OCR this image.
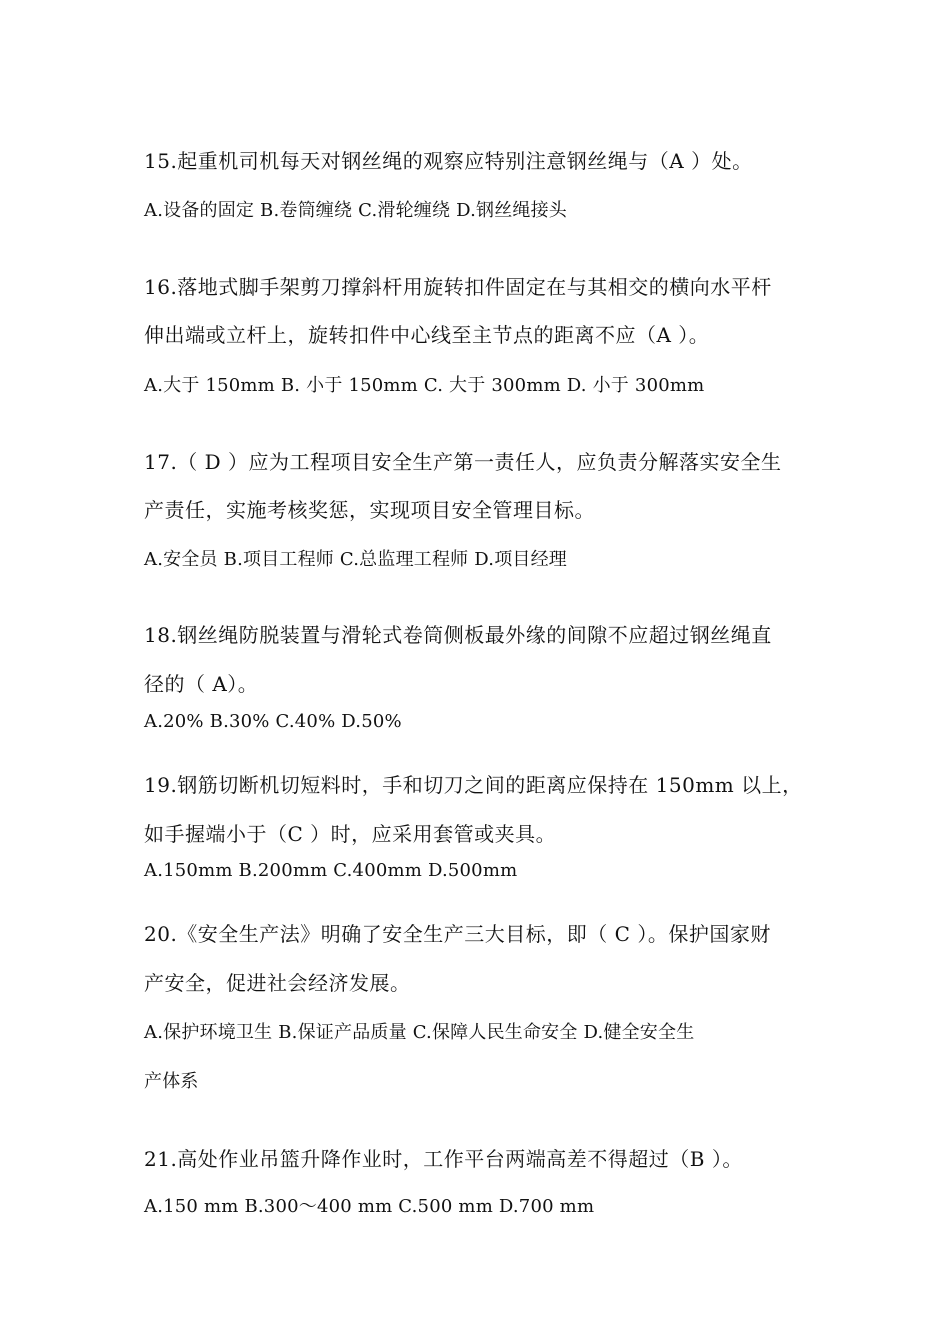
15.起重机司机每天对钢丝绳的观察应特别注意钢丝绳与（A ）处。
A.设备的固定 B.卷筒缠绕 C.滑轮缠绕 D.钢丝绳接头
16.落地式脚手架剪刀撑斜杆用旋转扣件固定在与其相交的横向水平杆
伸出端或立杆上，旋转扣件中心线至主节点的距离不应（A ）。
A.大于 150mm B. 小于 150mm C. 大于 300mm D. 小于 300mm
17.（ D ）应为工程项目安全生产第一责任人，应负责分解落实安全生
产责任，实施考核奖惩，实现项目安全管理目标。
A.安全员 B.项目工程师 C.总监理工程师 D.项目经理
18.钢丝绳防脱装置与滑轮式卷筒侧板最外缘的间隙不应超过钢丝绳直
径的（ A）。
A.20% B.30% C.40% D.50%
19.钢筋切断机切短料时，手和切刀之间的距离应保持在 150mm 以上，
如手握端小于（C ）时，应采用套管或夹具。
A.150mm B.200mm C.400mm D.500mm
20.《安全生产法》明确了安全生产三大目标，即（ C ）。保护国家财
产安全，促进社会经济发展。
A.保护环境卫生 B.保证产品质量 C.保障人民生命安全 D.健全安全生
产体系
21.高处作业吊篮升降作业时，工作平台两端高差不得超过（B ）。
A.150 mm B.300～400 mm C.500 mm D.700 mm
